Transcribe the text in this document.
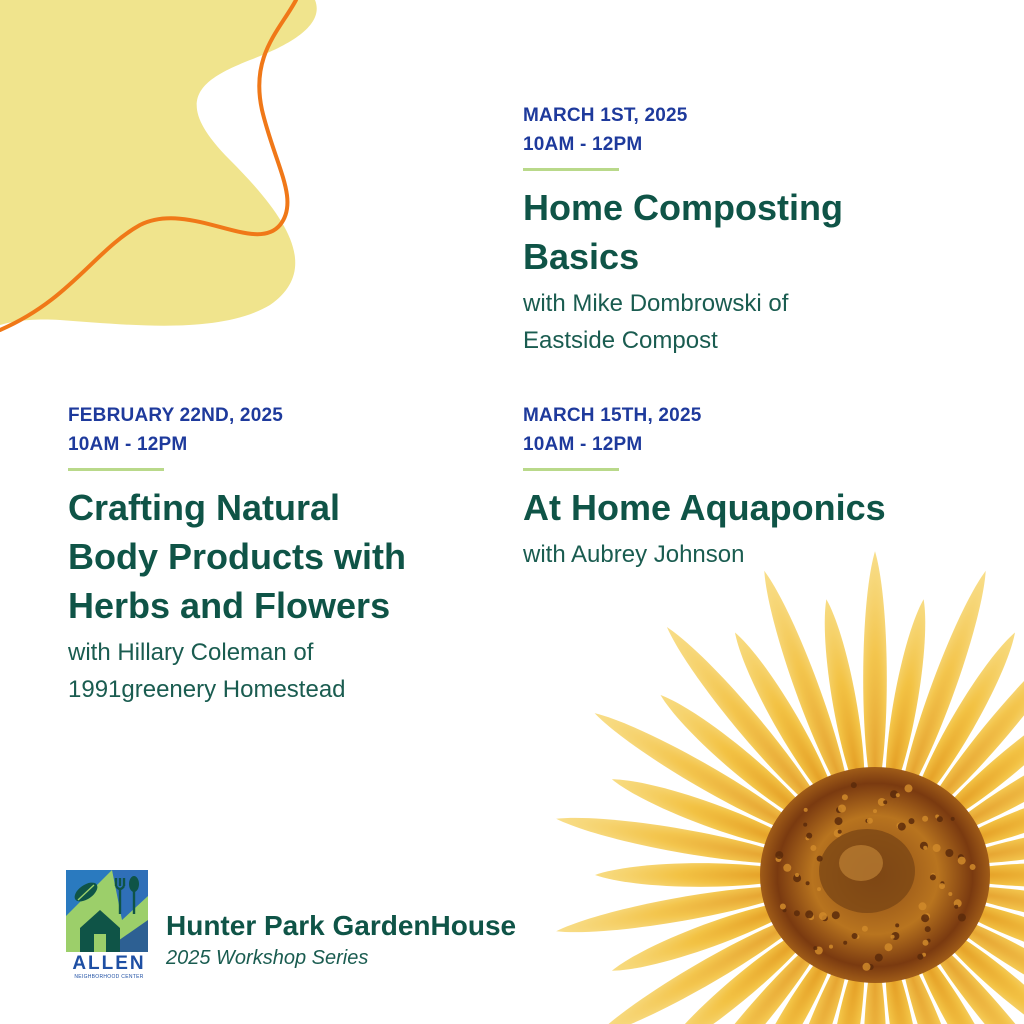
MARCH 1ST, 2025
10AM - 12PM
Home Composting
Basics
with Mike Dombrowski of
Eastside Compost
FEBRUARY 22ND, 2025
10AM - 12PM
Crafting Natural
Body Products with
Herbs and Flowers
with Hillary Coleman of
1991greenery Homestead
MARCH 15TH, 2025
10AM - 12PM
At Home Aquaponics
with Aubrey Johnson
ALLEN
NEIGHBORHOOD CENTER
Hunter Park GardenHouse
2025 Workshop Series
